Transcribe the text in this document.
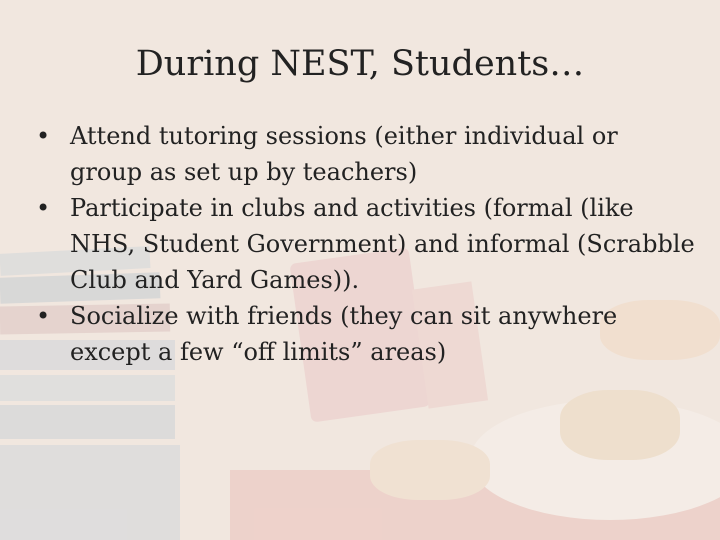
During NEST, Students…
• Attend tutoring sessions (either individual or group as set up by teachers)
• Participate in clubs and activities (formal (like NHS, Student Government) and informal (Scrabble Club and Yard Games)).
• Socialize with friends (they can sit anywhere except a few “off limits” areas)
